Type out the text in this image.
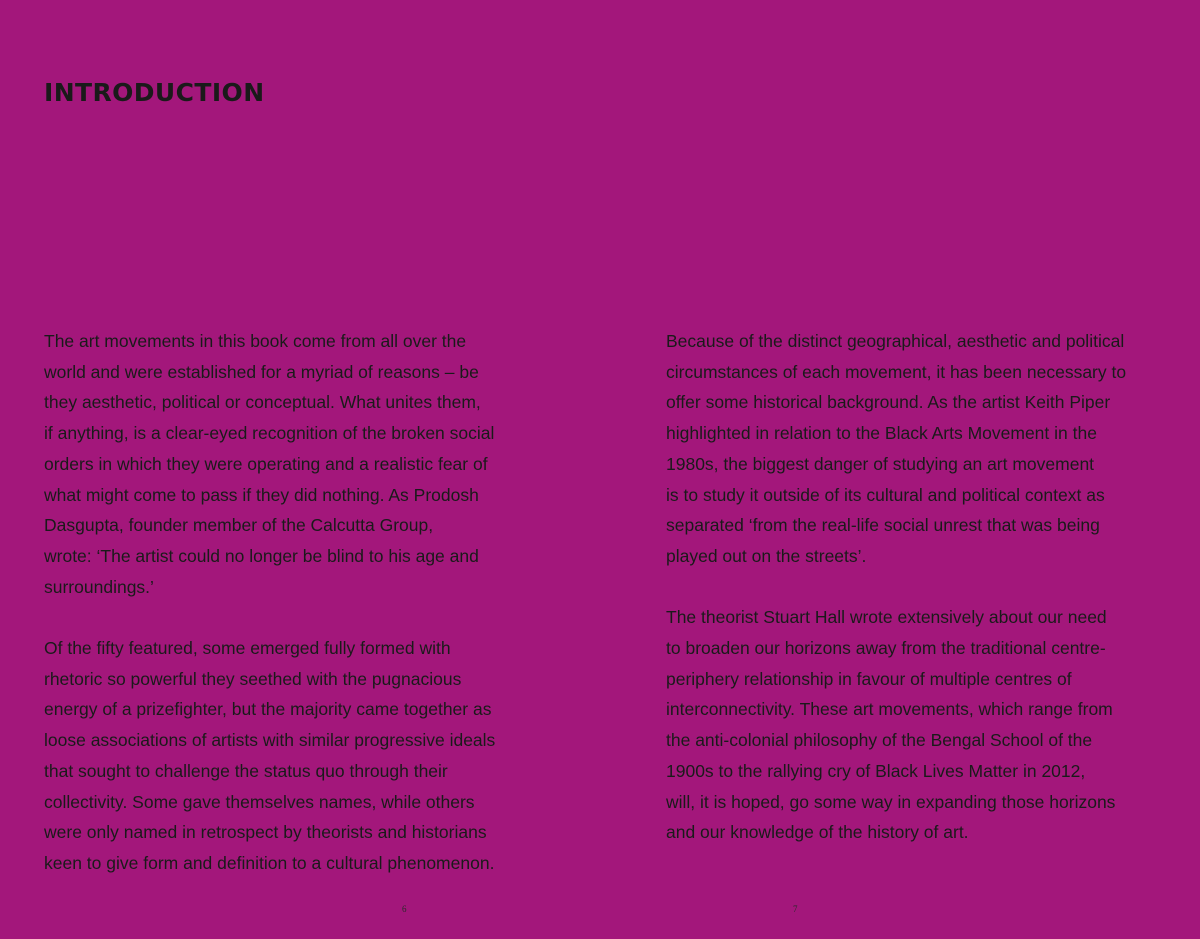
INTRODUCTION

The art movements in this book come from all over the
world and were established for a myriad of reasons – be
they aesthetic, political or conceptual. What unites them,
if anything, is a clear-eyed recognition of the broken social
orders in which they were operating and a realistic fear of
what might come to pass if they did nothing. As Prodosh
Dasgupta, founder member of the Calcutta Group,
wrote: ‘The artist could no longer be blind to his age and
surroundings.’

Of the fifty featured, some emerged fully formed with
rhetoric so powerful they seethed with the pugnacious
energy of a prizefighter, but the majority came together as
loose associations of artists with similar progressive ideals
that sought to challenge the status quo through their
collectivity. Some gave themselves names, while others
were only named in retrospect by theorists and historians
keen to give form and definition to a cultural phenomenon.

6

Because of the distinct geographical, aesthetic and political
circumstances of each movement, it has been necessary to
offer some historical background. As the artist Keith Piper
highlighted in relation to the Black Arts Movement in the
1980s, the biggest danger of studying an art movement
is to study it outside of its cultural and political context as
separated ‘from the real-life social unrest that was being
played out on the streets’.

The theorist Stuart Hall wrote extensively about our need
to broaden our horizons away from the traditional centre-
periphery relationship in favour of multiple centres of
interconnectivity. These art movements, which range from
the anti-colonial philosophy of the Bengal School of the
1900s to the rallying cry of Black Lives Matter in 2012,
will, it is hoped, go some way in expanding those horizons
and our knowledge of the history of art.

7
